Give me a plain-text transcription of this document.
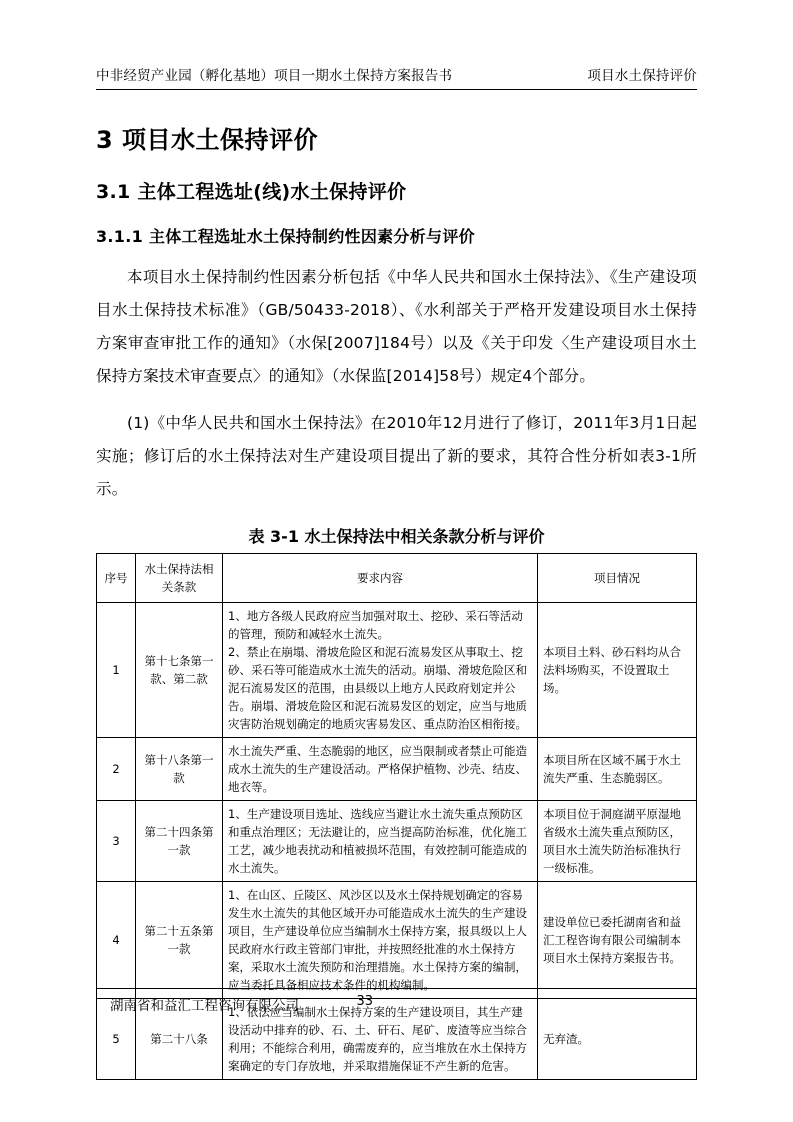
中非经贸产业园（孵化基地）项目一期水土保持方案报告书	项目水土保持评价
3 项目水土保持评价
3.1 主体工程选址(线)水土保持评价
3.1.1 主体工程选址水土保持制约性因素分析与评价

本项目水土保持制约性因素分析包括《中华人民共和国水土保持法》、《生产建设项目水土保持技术标准》（GB/50433-2018）、《水利部关于严格开发建设项目水土保持方案审查审批工作的通知》（水保[2007]184号）以及《关于印发〈生产建设项目水土保持方案技术审查要点〉的通知》（水保监[2014]58号）规定4个部分。

(1)《中华人民共和国水土保持法》在2010年12月进行了修订，2011年3月1日起实施；修订后的水土保持法对生产建设项目提出了新的要求，其符合性分析如表3-1所示。

表 3-1 水土保持法中相关条款分析与评价
序号	水土保持法相关条款	要求内容	项目情况
1	第十七条第一款、第二款	1、地方各级人民政府应当加强对取土、挖砂、采石等活动的管理，预防和减轻水土流失。
2、禁止在崩塌、滑坡危险区和泥石流易发区从事取土、挖砂、采石等可能造成水土流失的活动。崩塌、滑坡危险区和泥石流易发区的范围，由县级以上地方人民政府划定并公告。崩塌、滑坡危险区和泥石流易发区的划定，应当与地质灾害防治规划确定的地质灾害易发区、重点防治区相衔接。	本项目土料、砂石料均从合法料场购买，不设置取土场。
2	第十八条第一款	水土流失严重、生态脆弱的地区，应当限制或者禁止可能造成水土流失的生产建设活动。严格保护植物、沙壳、结皮、地衣等。	本项目所在区域不属于水土流失严重、生态脆弱区。
3	第二十四条第一款	1、生产建设项目选址、选线应当避让水土流失重点预防区和重点治理区；无法避让的，应当提高防治标准，优化施工工艺，减少地表扰动和植被损坏范围，有效控制可能造成的水土流失。	本项目位于洞庭湖平原湿地省级水土流失重点预防区，项目水土流失防治标准执行一级标准。
4	第二十五条第一款	1、在山区、丘陵区、风沙区以及水土保持规划确定的容易发生水土流失的其他区域开办可能造成水土流失的生产建设项目，生产建设单位应当编制水土保持方案，报具级以上人民政府水行政主管部门审批，并按照经批准的水土保持方案，采取水土流失预防和治理措施。水土保持方案的编制，应当委托具备相应技术条件的机构编制。	建设单位已委托湖南省和益汇工程咨询有限公司编制本项目水土保持方案报告书。
5	第二十八条	1、依法应当编制水土保持方案的生产建设项目，其生产建设活动中排弃的砂、石、土、矸石、尾矿、废渣等应当综合利用；不能综合利用，确需废弃的，应当堆放在水土保持方案确定的专门存放地，并采取措施保证不产生新的危害。	无弃渣。
湖南省和益汇工程咨询有限公司	33
